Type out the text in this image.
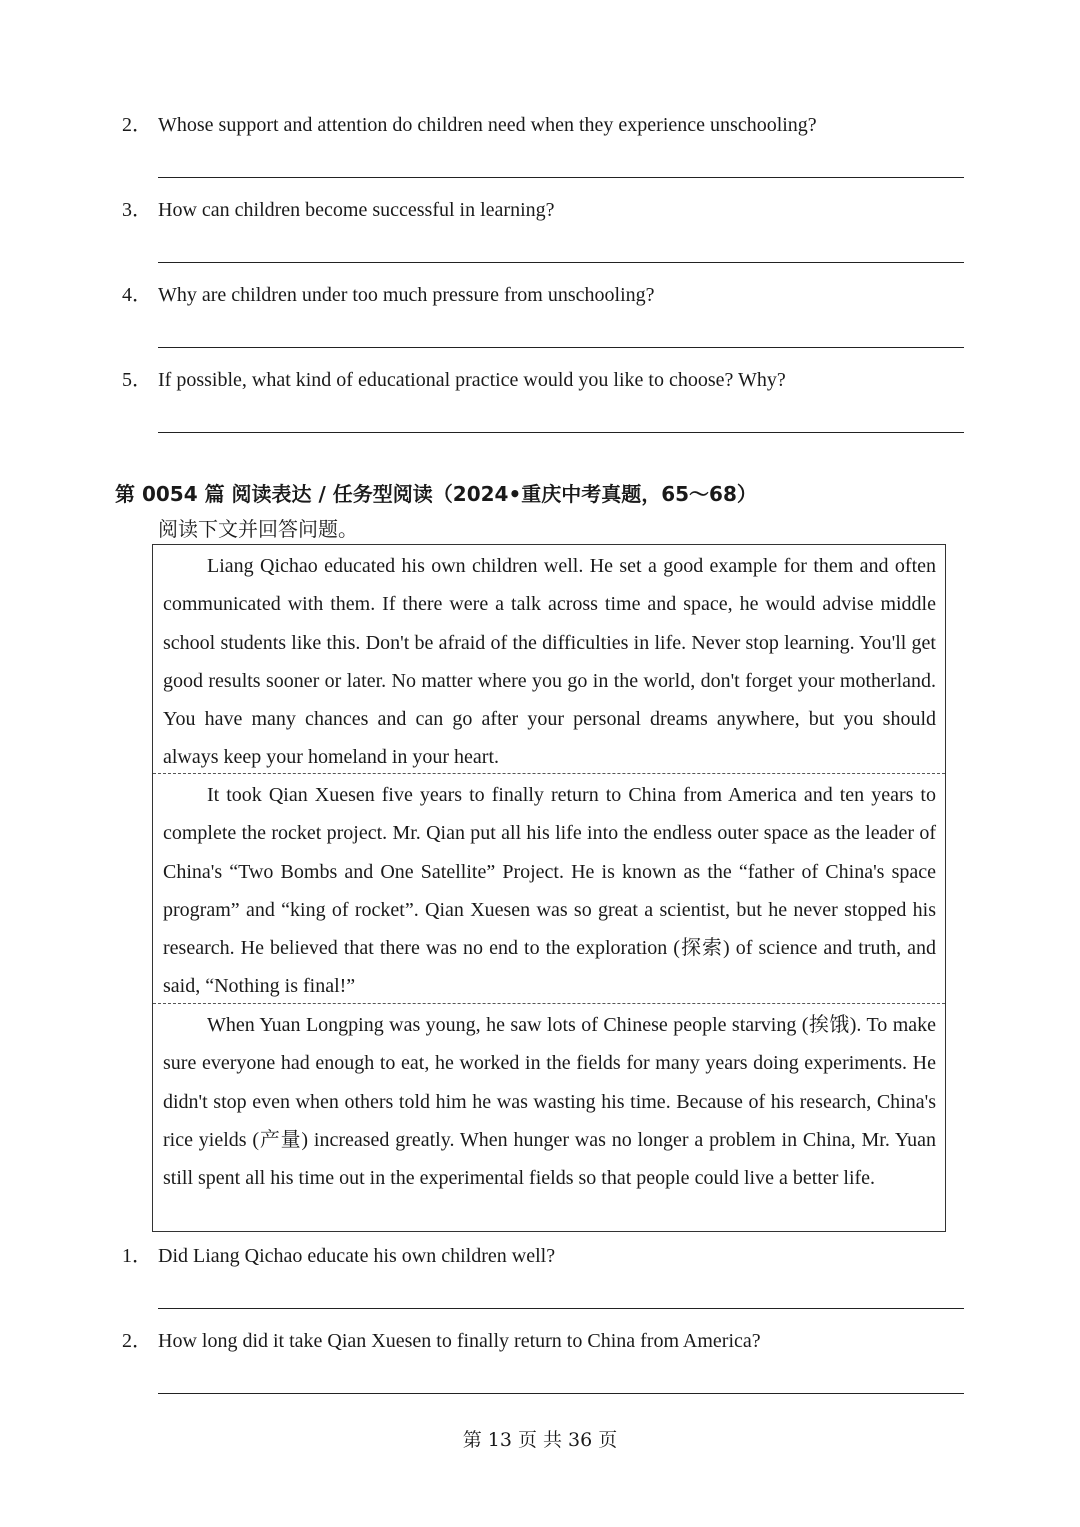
2． Whose support and attention do children need when they experience unschooling?
3． How can children become successful in learning?
4． Why are children under too much pressure from unschooling?
5． If possible, what kind of educational practice would you like to choose? Why?
第 0054 篇 阅读表达 / 任务型阅读（2024•重庆中考真题，65～68）
阅读下文并回答问题。
Liang Qichao educated his own children well. He set a good example for them and often communicated with them. If there were a talk across time and space, he would advise middle school students like this. Don't be afraid of the difficulties in life. Never stop learning. You'll get good results sooner or later. No matter where you go in the world, don't forget your motherland. You have many chances and can go after your personal dreams anywhere, but you should always keep your homeland in your heart.
It took Qian Xuesen five years to finally return to China from America and ten years to complete the rocket project. Mr. Qian put all his life into the endless outer space as the leader of China's “Two Bombs and One Satellite” Project. He is known as the “father of China's space program” and “king of rocket”. Qian Xuesen was so great a scientist, but he never stopped his research. He believed that there was no end to the exploration (探索) of science and truth, and said, “Nothing is final!”
When Yuan Longping was young, he saw lots of Chinese people starving (挨饿). To make sure everyone had enough to eat, he worked in the fields for many years doing experiments. He didn't stop even when others told him he was wasting his time. Because of his research, China's rice yields (产量) increased greatly. When hunger was no longer a problem in China, Mr. Yuan still spent all his time out in the experimental fields so that people could live a better life.
1． Did Liang Qichao educate his own children well?
2． How long did it take Qian Xuesen to finally return to China from America?
第 13 页 共 36 页
